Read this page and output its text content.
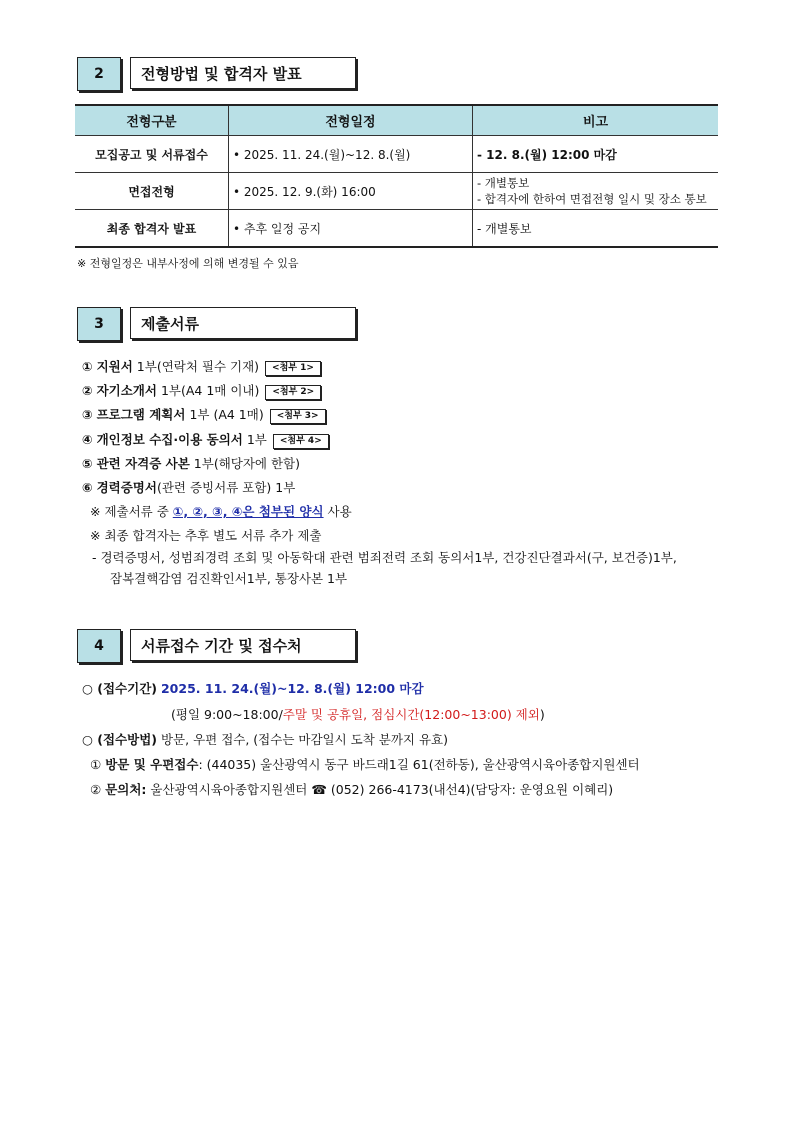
2	전형방법 및 합격자 발표
전형구분	전형일정	비고
모집공고 및 서류접수	• 2025. 11. 24.(월)~12. 8.(월)	- 12. 8.(월) 12:00 마감

면접전형	• 2025. 12. 9.(화) 16:00	- 개별통보
- 합격자에 한하여 면접전형 일시 및 장소 통보

최종 합격자 발표	• 추후 일정 공지	- 개별통보
※ 전형일정은 내부사정에 의해 변경될 수 있음
3	제출서류
① 지원서 1부(연락처 필수 기재) <첨부 1>
② 자기소개서 1부(A4 1매 이내) <첨부 2>
③ 프로그램 계획서 1부 (A4 1매) <첨부 3>
④ 개인정보 수집·이용 동의서 1부 <첨부 4>
⑤ 관련 자격증 사본 1부(해당자에 한함)
⑥ 경력증명서(관련 증빙서류 포함) 1부
※ 제출서류 중 ①, ②, ③, ④은 첨부된 양식 사용
※ 최종 합격자는 추후 별도 서류 추가 제출
- 경력증명서, 성범죄경력 조회 및 아동학대 관련 범죄전력 조회 동의서1부, 건강진단결과서(구, 보건증)1부,
잠복결핵감염 검진확인서1부, 통장사본 1부
4	서류접수 기간 및 접수처
○ (접수기간) 2025. 11. 24.(월)~12. 8.(월) 12:00 마감
(평일 9:00~18:00/주말 및 공휴일, 점심시간(12:00~13:00) 제외)
○ (접수방법) 방문, 우편 접수, (접수는 마감일시 도착 분까지 유효)
① 방문 및 우편접수: (44035) 울산광역시 동구 바드래1길 61(전하동), 울산광역시육아종합지원센터
② 문의처: 울산광역시육아종합지원센터 ☎ (052) 266-4173(내선4)(담당자: 운영요원 이혜리)
